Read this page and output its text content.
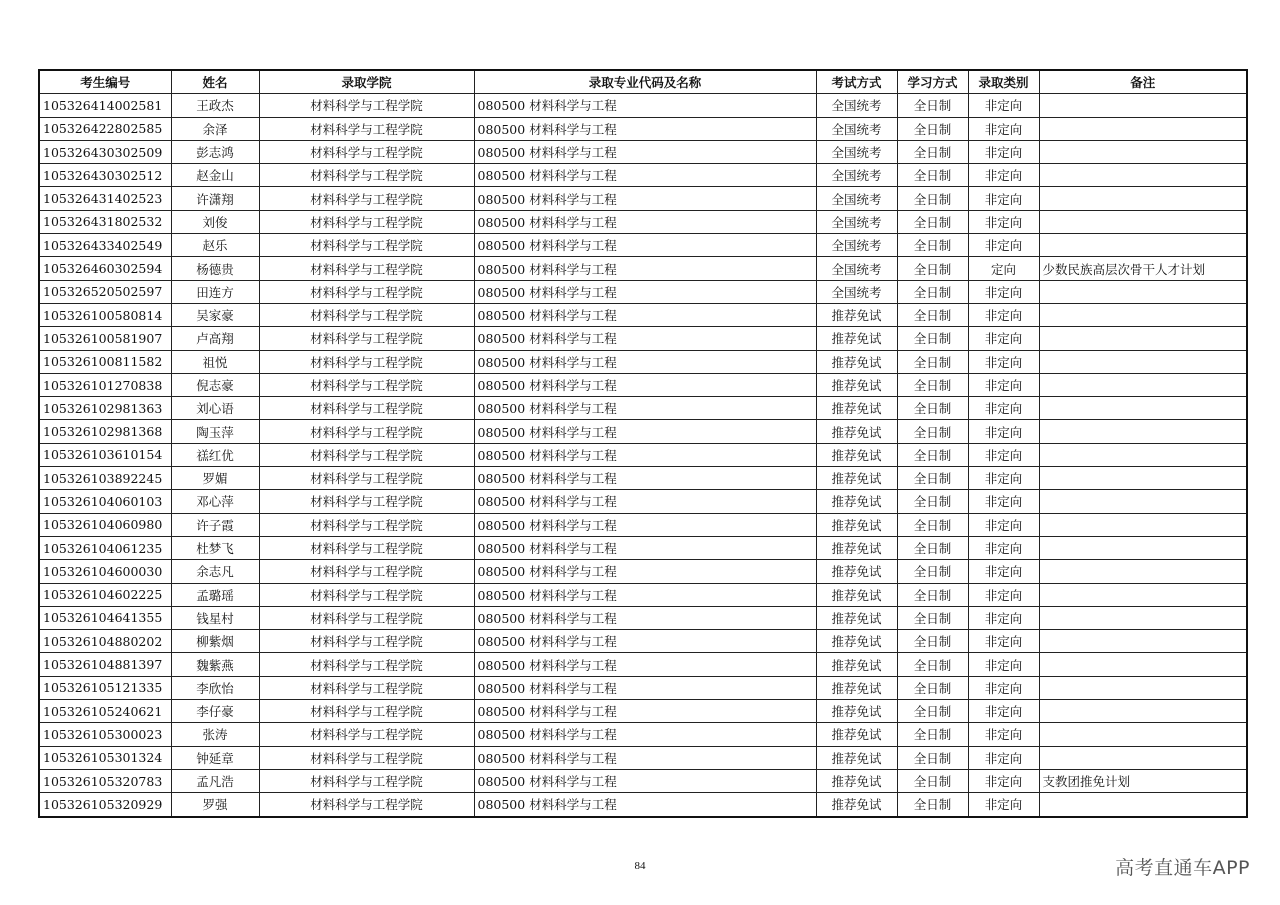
考生编号	姓名	录取学院	录取专业代码及名称	考试方式	学习方式	录取类别	备注
105326414002581	王政杰	材料科学与工程学院	080500 材料科学与工程	全国统考	全日制	非定向	
105326422802585	余泽	材料科学与工程学院	080500 材料科学与工程	全国统考	全日制	非定向	
105326430302509	彭志鸿	材料科学与工程学院	080500 材料科学与工程	全国统考	全日制	非定向	
105326430302512	赵金山	材料科学与工程学院	080500 材料科学与工程	全国统考	全日制	非定向	
105326431402523	许潇翔	材料科学与工程学院	080500 材料科学与工程	全国统考	全日制	非定向	
105326431802532	刘俊	材料科学与工程学院	080500 材料科学与工程	全国统考	全日制	非定向	
105326433402549	赵乐	材料科学与工程学院	080500 材料科学与工程	全国统考	全日制	非定向	
105326460302594	杨德贵	材料科学与工程学院	080500 材料科学与工程	全国统考	全日制	定向	少数民族高层次骨干人才计划
105326520502597	田连方	材料科学与工程学院	080500 材料科学与工程	全国统考	全日制	非定向	
105326100580814	吴家豪	材料科学与工程学院	080500 材料科学与工程	推荐免试	全日制	非定向	
105326100581907	卢高翔	材料科学与工程学院	080500 材料科学与工程	推荐免试	全日制	非定向	
105326100811582	祖悦	材料科学与工程学院	080500 材料科学与工程	推荐免试	全日制	非定向	
105326101270838	倪志豪	材料科学与工程学院	080500 材料科学与工程	推荐免试	全日制	非定向	
105326102981363	刘心语	材料科学与工程学院	080500 材料科学与工程	推荐免试	全日制	非定向	
105326102981368	陶玉萍	材料科学与工程学院	080500 材料科学与工程	推荐免试	全日制	非定向	
105326103610154	禚红优	材料科学与工程学院	080500 材料科学与工程	推荐免试	全日制	非定向	
105326103892245	罗媚	材料科学与工程学院	080500 材料科学与工程	推荐免试	全日制	非定向	
105326104060103	邓心萍	材料科学与工程学院	080500 材料科学与工程	推荐免试	全日制	非定向	
105326104060980	许子霞	材料科学与工程学院	080500 材料科学与工程	推荐免试	全日制	非定向	
105326104061235	杜梦飞	材料科学与工程学院	080500 材料科学与工程	推荐免试	全日制	非定向	
105326104600030	余志凡	材料科学与工程学院	080500 材料科学与工程	推荐免试	全日制	非定向	
105326104602225	孟璐瑶	材料科学与工程学院	080500 材料科学与工程	推荐免试	全日制	非定向	
105326104641355	钱星村	材料科学与工程学院	080500 材料科学与工程	推荐免试	全日制	非定向	
105326104880202	柳紫烟	材料科学与工程学院	080500 材料科学与工程	推荐免试	全日制	非定向	
105326104881397	魏紫燕	材料科学与工程学院	080500 材料科学与工程	推荐免试	全日制	非定向	
105326105121335	李欣怡	材料科学与工程学院	080500 材料科学与工程	推荐免试	全日制	非定向	
105326105240621	李仔豪	材料科学与工程学院	080500 材料科学与工程	推荐免试	全日制	非定向	
105326105300023	张涛	材料科学与工程学院	080500 材料科学与工程	推荐免试	全日制	非定向	
105326105301324	钟延章	材料科学与工程学院	080500 材料科学与工程	推荐免试	全日制	非定向	
105326105320783	孟凡浩	材料科学与工程学院	080500 材料科学与工程	推荐免试	全日制	非定向	支教团推免计划
105326105320929	罗强	材料科学与工程学院	080500 材料科学与工程	推荐免试	全日制	非定向	
84	高考直通车APP
